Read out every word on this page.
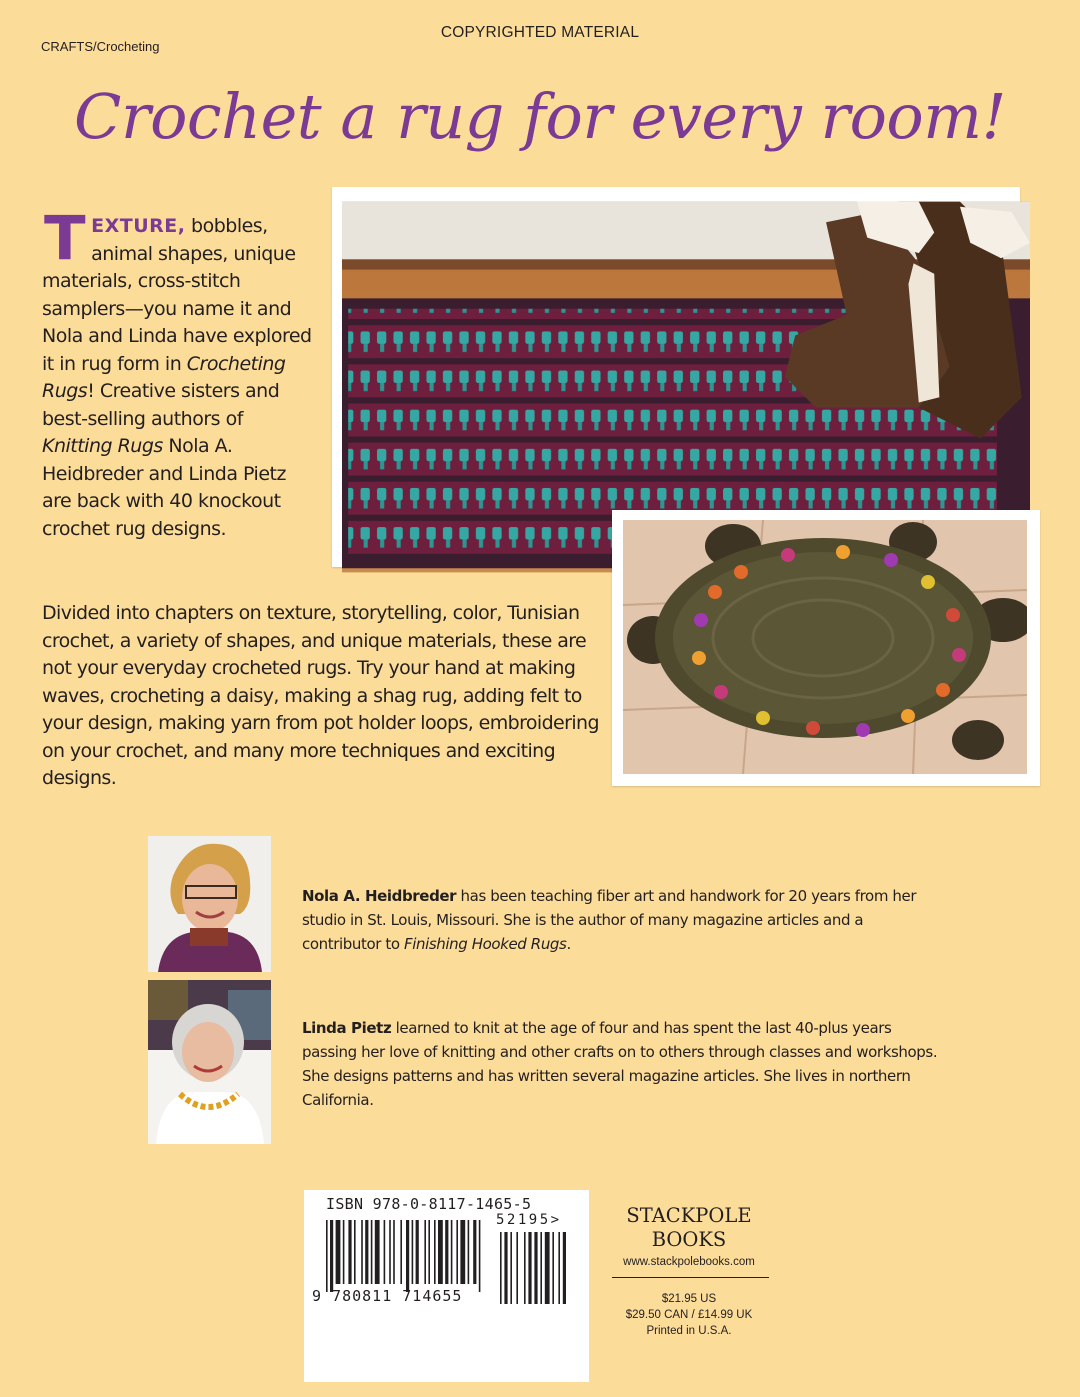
COPYRIGHTED MATERIAL
CRAFTS/Crocheting
Crochet a rug for every room!
TEXTURE, bobbles, animal shapes, unique materials, cross-stitch samplers—you name it and Nola and Linda have explored it in rug form in Crocheting Rugs! Creative sisters and best-selling authors of Knitting Rugs Nola A. Heidbreder and Linda Pietz are back with 40 knockout crochet rug designs.
Divided into chapters on texture, storytelling, color, Tunisian crochet, a variety of shapes, and unique materials, these are not your everyday crocheted rugs. Try your hand at making waves, crocheting a daisy, making a shag rug, adding felt to your design, making yarn from pot holder loops, embroidering on your crochet, and many more techniques and exciting designs.
Nola A. Heidbreder has been teaching fiber art and handwork for 20 years from her studio in St. Louis, Missouri. She is the author of many magazine articles and a contributor to Finishing Hooked Rugs.
Linda Pietz learned to knit at the age of four and has spent the last 40-plus years passing her love of knitting and other crafts on to others through classes and workshops. She designs patterns and has written several magazine articles. She lives in northern California.
ISBN 978-0-8117-1465-5
52195>
9 780811 714655
STACKPOLE
BOOKS
www.stackpolebooks.com
$21.95 US
$29.50 CAN / £14.99 UK
Printed in U.S.A.
